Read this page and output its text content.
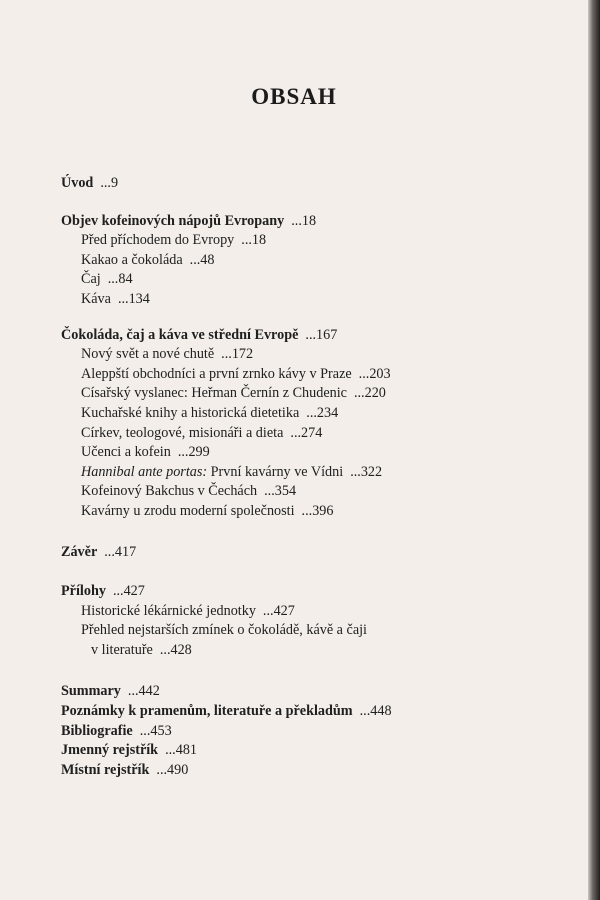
OBSAH
Úvod ...9
Objev kofeinových nápojů Evropany ...18
Před příchodem do Evropy ...18
Kakao a čokoláda ...48
Čaj ...84
Káva ...134
Čokoláda, čaj a káva ve střední Evropě ...167
Nový svět a nové chutě ...172
Aleppští obchodníci a první zrnko kávy v Praze ...203
Císařský vyslanec: Heřman Černín z Chudenic ...220
Kuchařské knihy a historická dietetika ...234
Církev, teologové, misionáři a dieta ...274
Učenci a kofein ...299
Hannibal ante portas: První kavárny ve Vídni ...322
Kofeinový Bakchus v Čechách ...354
Kavárny u zrodu moderní společnosti ...396
Závěr ...417
Přílohy ...427
Historické lékárnické jednotky ...427
Přehled nejstarších zmínek o čokoládě, kávě a čaji
v literatuře ...428
Summary ...442
Poznámky k pramenům, literatuře a překladům ...448
Bibliografie ...453
Jmenný rejstřík ...481
Místní rejstřík ...490
